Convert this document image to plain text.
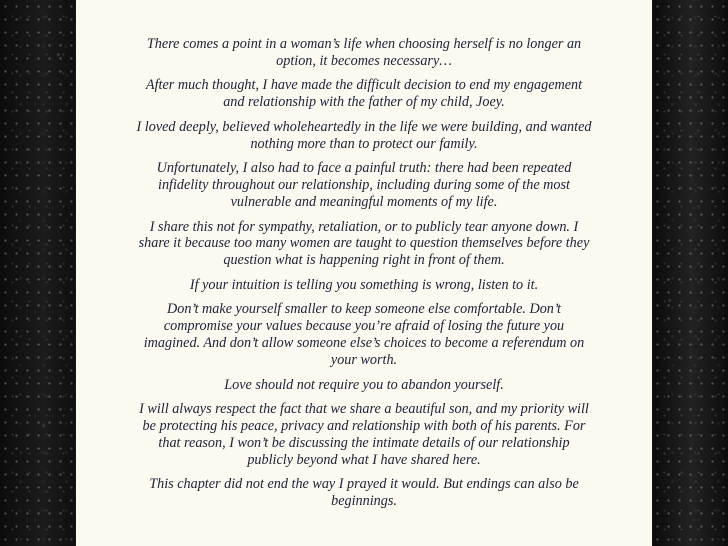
There comes a point in a woman’s life when choosing herself is no longer an option, it becomes necessary…

After much thought, I have made the difficult decision to end my engagement and relationship with the father of my child, Joey.

I loved deeply, believed wholeheartedly in the life we were building, and wanted nothing more than to protect our family.

Unfortunately, I also had to face a painful truth: there had been repeated infidelity throughout our relationship, including during some of the most vulnerable and meaningful moments of my life.

I share this not for sympathy, retaliation, or to publicly tear anyone down. I share it because too many women are taught to question themselves before they question what is happening right in front of them.

If your intuition is telling you something is wrong, listen to it.

Don’t make yourself smaller to keep someone else comfortable. Don’t compromise your values because you’re afraid of losing the future you imagined. And don’t allow someone else’s choices to become a referendum on your worth.

Love should not require you to abandon yourself.

I will always respect the fact that we share a beautiful son, and my priority will be protecting his peace, privacy and relationship with both of his parents. For that reason, I won’t be discussing the intimate details of our relationship publicly beyond what I have shared here.

This chapter did not end the way I prayed it would. But endings can also be beginnings.
